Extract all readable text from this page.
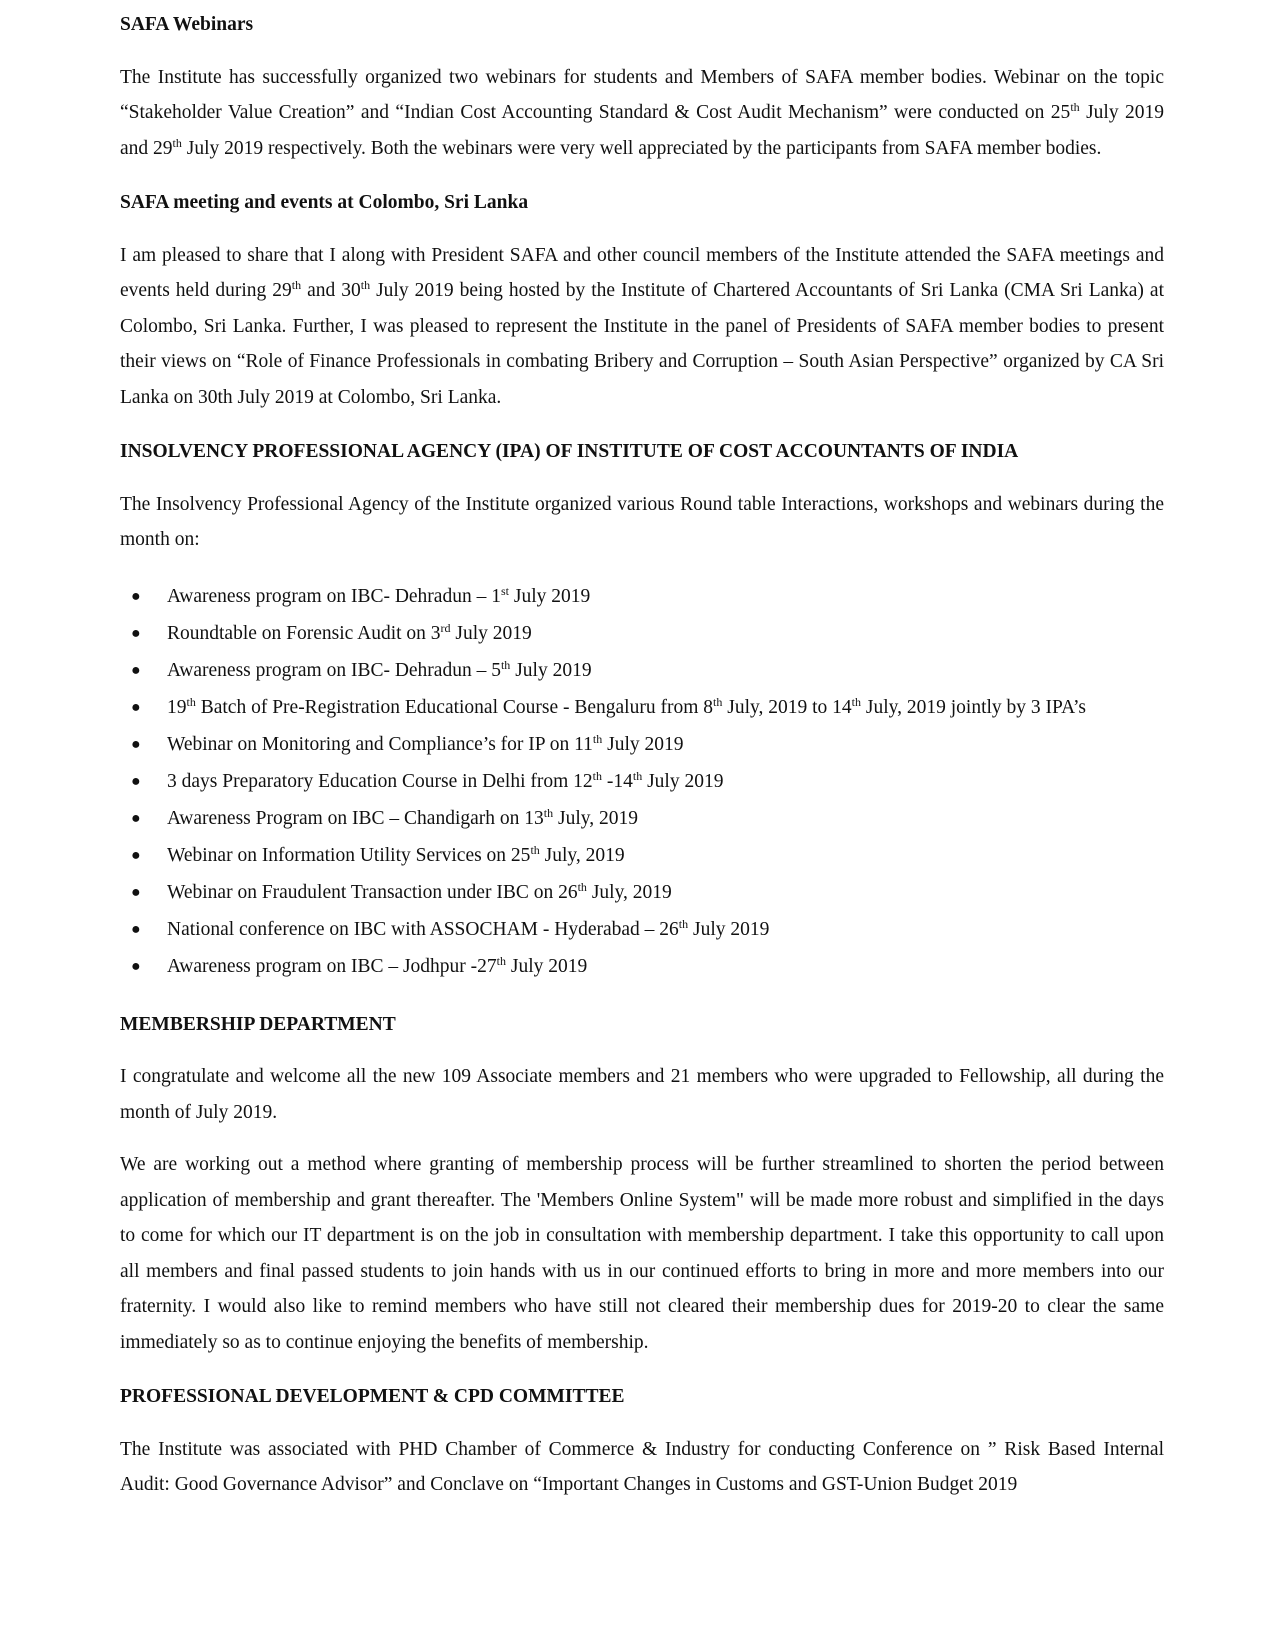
SAFA Webinars

The Institute has successfully organized two webinars for students and Members of SAFA member bodies. Webinar on the topic “Stakeholder Value Creation” and “Indian Cost Accounting Standard & Cost Audit Mechanism” were conducted on 25th July 2019 and 29th July 2019 respectively. Both the webinars were very well appreciated by the participants from SAFA member bodies.

SAFA meeting and events at Colombo, Sri Lanka

I am pleased to share that I along with President SAFA and other council members of the Institute attended the SAFA meetings and events held during 29th and 30th July 2019 being hosted by the Institute of Chartered Accountants of Sri Lanka (CMA Sri Lanka) at Colombo, Sri Lanka. Further, I was pleased to represent the Institute in the panel of Presidents of SAFA member bodies to present their views on “Role of Finance Professionals in combating Bribery and Corruption – South Asian Perspective” organized by CA Sri Lanka on 30th July 2019 at Colombo, Sri Lanka.

INSOLVENCY PROFESSIONAL AGENCY (IPA) OF INSTITUTE OF COST ACCOUNTANTS OF INDIA

The Insolvency Professional Agency of the Institute organized various Round table Interactions, workshops and webinars during the month on:

● Awareness program on IBC- Dehradun – 1st July 2019
● Roundtable on Forensic Audit on 3rd July 2019
● Awareness program on IBC- Dehradun – 5th July 2019
● 19th Batch of Pre-Registration Educational Course - Bengaluru from 8th July, 2019 to 14th July, 2019 jointly by 3 IPA’s
● Webinar on Monitoring and Compliance’s for IP on 11th July 2019
● 3 days Preparatory Education Course in Delhi from 12th -14th July 2019
● Awareness Program on IBC – Chandigarh on 13th July, 2019
● Webinar on Information Utility Services on 25th July, 2019
● Webinar on Fraudulent Transaction under IBC on 26th July, 2019
● National conference on IBC with ASSOCHAM - Hyderabad – 26th July 2019
● Awareness program on IBC – Jodhpur -27th July 2019

MEMBERSHIP DEPARTMENT

I congratulate and welcome all the new 109 Associate members and 21 members who were upgraded to Fellowship, all during the month of July 2019.

We are working out a method where granting of membership process will be further streamlined to shorten the period between application of membership and grant thereafter. The 'Members Online System" will be made more robust and simplified in the days to come for which our IT department is on the job in consultation with membership department. I take this opportunity to call upon all members and final passed students to join hands with us in our continued efforts to bring in more and more members into our fraternity. I would also like to remind members who have still not cleared their membership dues for 2019-20 to clear the same immediately so as to continue enjoying the benefits of membership.

PROFESSIONAL DEVELOPMENT & CPD COMMITTEE

The Institute was associated with PHD Chamber of Commerce & Industry for conducting Conference on ” Risk Based Internal Audit: Good Governance Advisor” and Conclave on “Important Changes in Customs and GST-Union Budget 2019
